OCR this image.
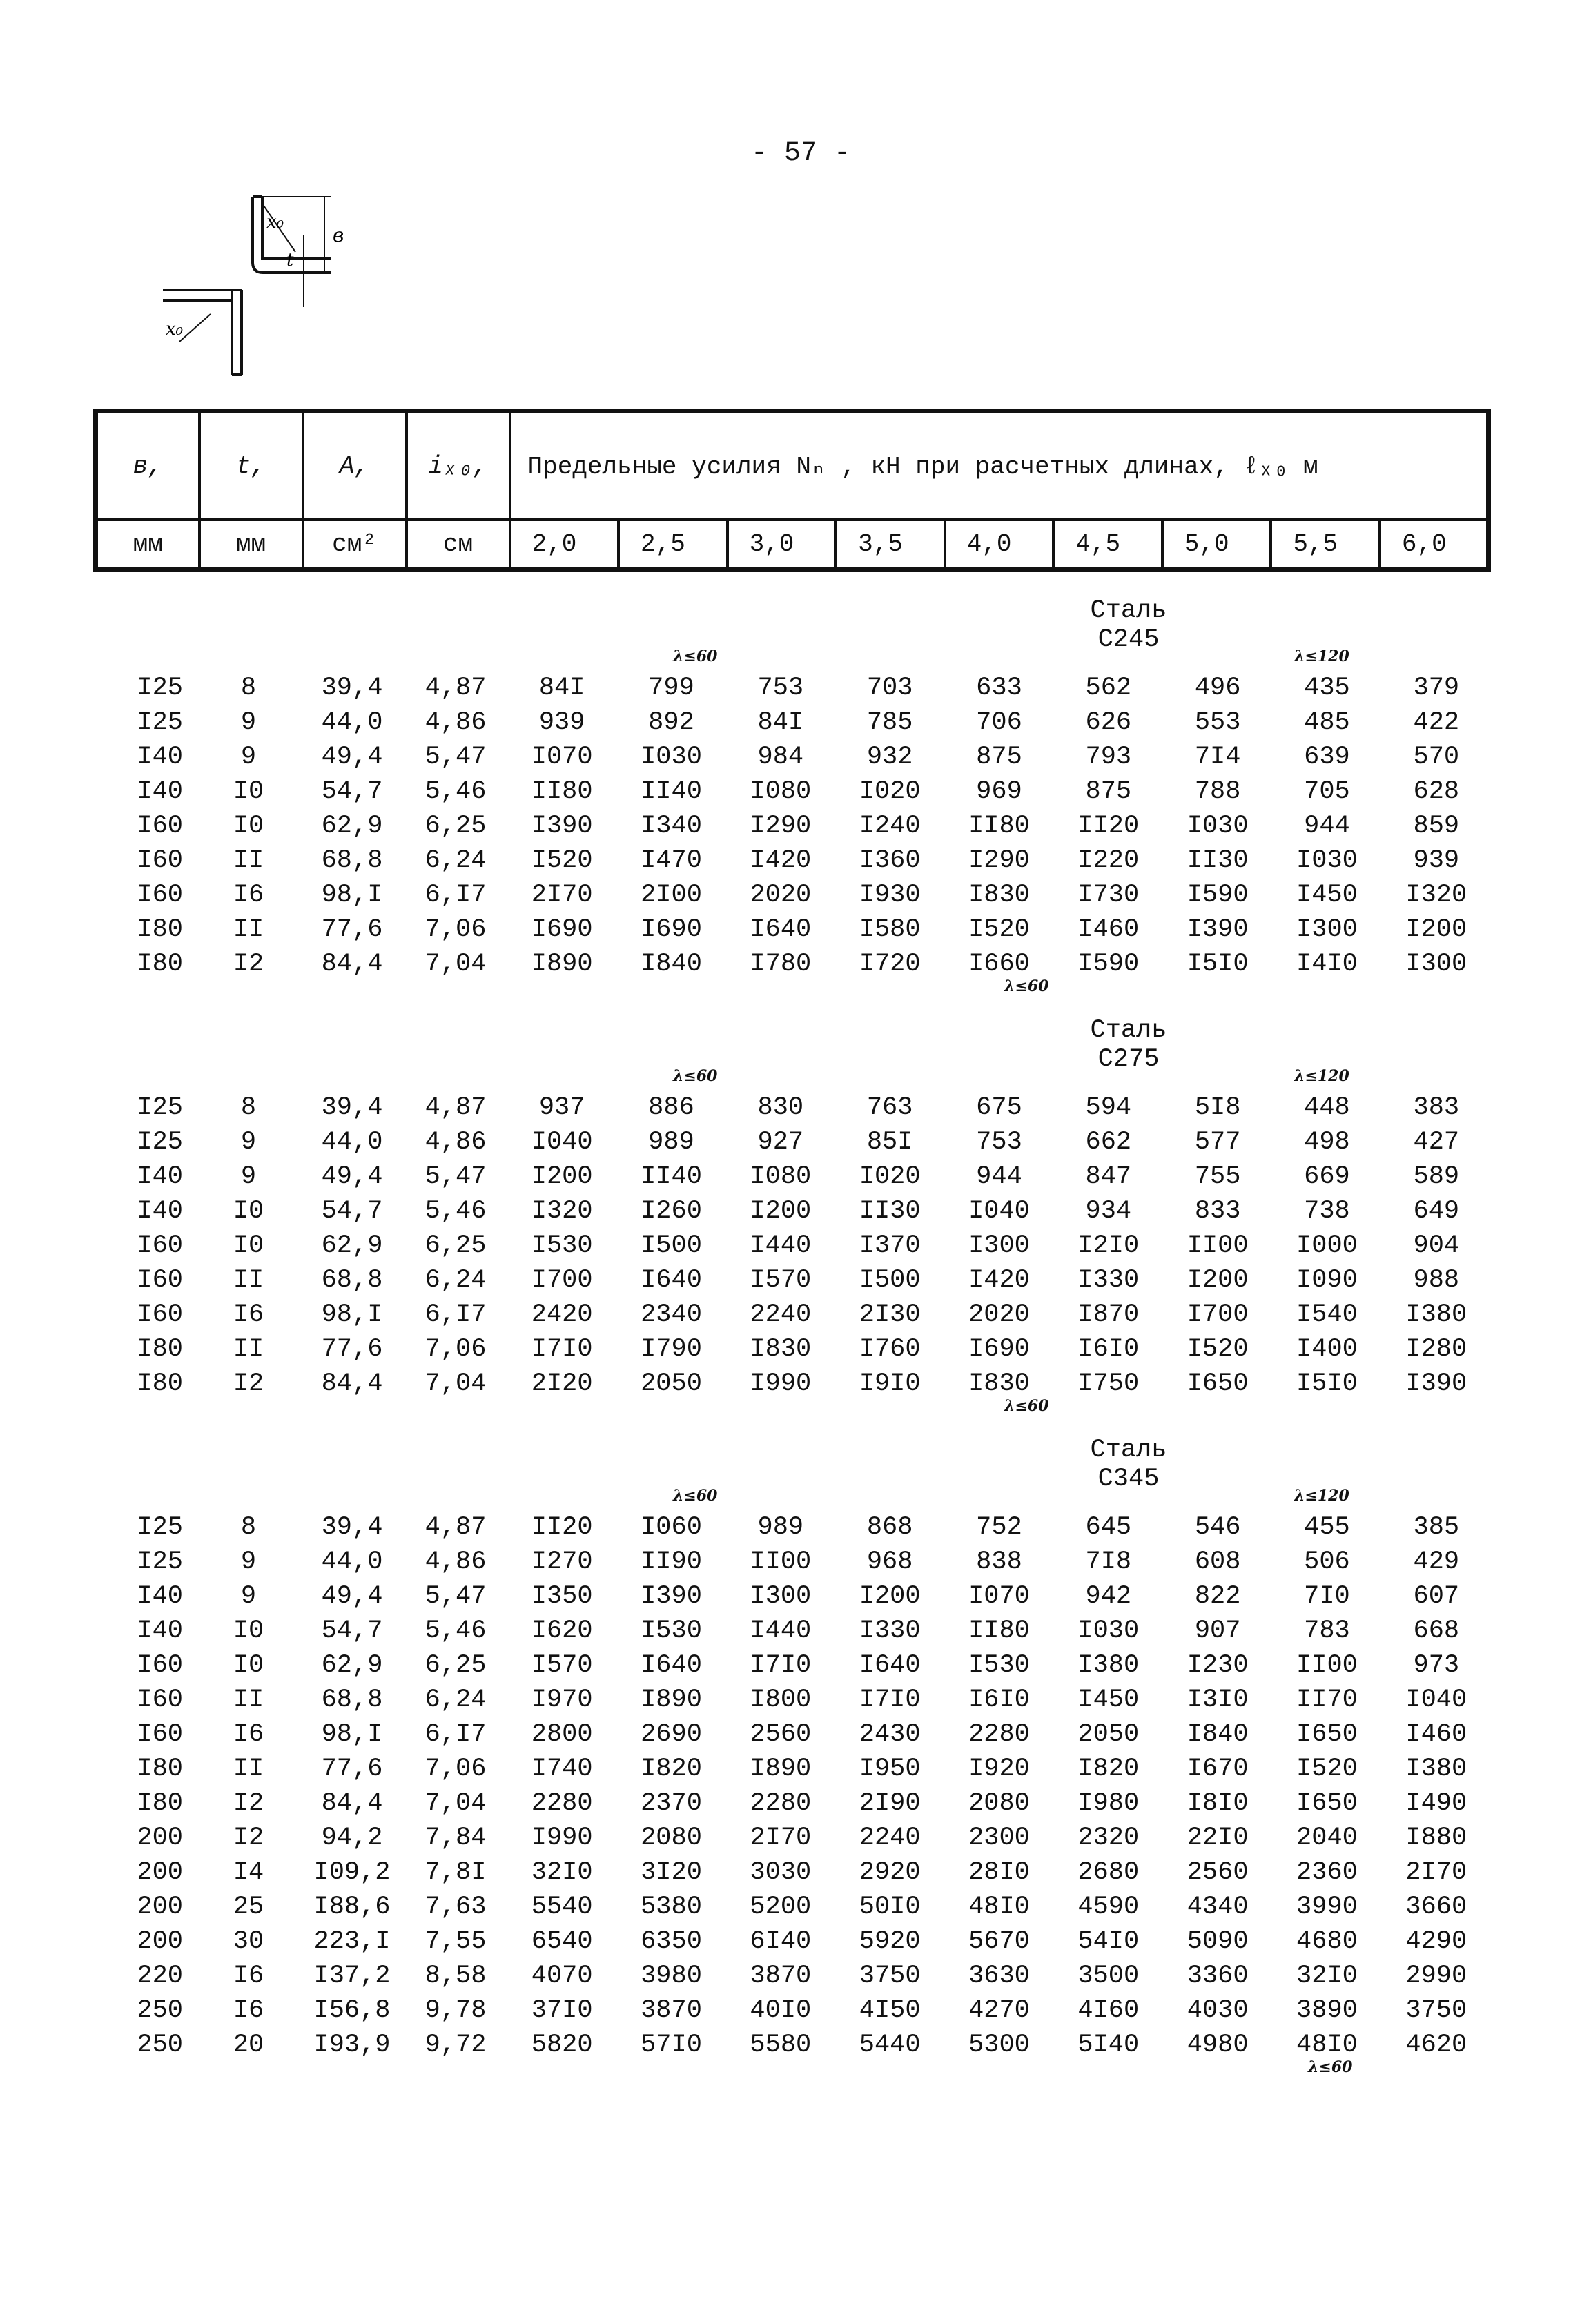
- 57 -
x₀
t
в
x₀
в,	t,	А,	iₓ₀,	Предельные усилия Nₙ , кН при расчетных длинах, ℓₓ₀ м								
мм	мм	см²	см	2,0	2,5	3,0	3,5	4,0	4,5	5,0	5,5	6,0
Сталь С245
λ≤60	λ≤120
I25	8	39,4	4,87	84I	799	753	703	633	562	496	435	379
I25	9	44,0	4,86	939	892	84I	785	706	626	553	485	422
I40	9	49,4	5,47	I070	I030	984	932	875	793	7I4	639	570
I40	I0	54,7	5,46	II80	II40	I080	I020	969	875	788	705	628
I60	I0	62,9	6,25	I390	I340	I290	I240	II80	II20	I030	944	859
I60	II	68,8	6,24	I520	I470	I420	I360	I290	I220	II30	I030	939
I60	I6	98,I	6,I7	2I70	2I00	2020	I930	I830	I730	I590	I450	I320
I80	II	77,6	7,06	I690	I690	I640	I580	I520	I460	I390	I300	I200
I80	I2	84,4	7,04	I890	I840	I780	I720	I660	I590	I5I0	I4I0	I300
λ≤60
Сталь С275
λ≤60	λ≤120
I25	8	39,4	4,87	937	886	830	763	675	594	5I8	448	383
I25	9	44,0	4,86	I040	989	927	85I	753	662	577	498	427
I40	9	49,4	5,47	I200	II40	I080	I020	944	847	755	669	589
I40	I0	54,7	5,46	I320	I260	I200	II30	I040	934	833	738	649
I60	I0	62,9	6,25	I530	I500	I440	I370	I300	I2I0	II00	I000	904
I60	II	68,8	6,24	I700	I640	I570	I500	I420	I330	I200	I090	988
I60	I6	98,I	6,I7	2420	2340	2240	2I30	2020	I870	I700	I540	I380
I80	II	77,6	7,06	I7I0	I790	I830	I760	I690	I6I0	I520	I400	I280
I80	I2	84,4	7,04	2I20	2050	I990	I9I0	I830	I750	I650	I5I0	I390
λ≤60
Сталь С345
λ≤60	λ≤120
I25	8	39,4	4,87	II20	I060	989	868	752	645	546	455	385
I25	9	44,0	4,86	I270	II90	II00	968	838	7I8	608	506	429
I40	9	49,4	5,47	I350	I390	I300	I200	I070	942	822	7I0	607
I40	I0	54,7	5,46	I620	I530	I440	I330	II80	I030	907	783	668
I60	I0	62,9	6,25	I570	I640	I7I0	I640	I530	I380	I230	II00	973
I60	II	68,8	6,24	I970	I890	I800	I7I0	I6I0	I450	I3I0	II70	I040
I60	I6	98,I	6,I7	2800	2690	2560	2430	2280	2050	I840	I650	I460
I80	II	77,6	7,06	I740	I820	I890	I950	I920	I820	I670	I520	I380
I80	I2	84,4	7,04	2280	2370	2280	2I90	2080	I980	I8I0	I650	I490
200	I2	94,2	7,84	I990	2080	2I70	2240	2300	2320	22I0	2040	I880
200	I4	I09,2	7,8I	32I0	3I20	3030	2920	28I0	2680	2560	2360	2I70
200	25	I88,6	7,63	5540	5380	5200	50I0	48I0	4590	4340	3990	3660
200	30	223,I	7,55	6540	6350	6I40	5920	5670	54I0	5090	4680	4290
220	I6	I37,2	8,58	4070	3980	3870	3750	3630	3500	3360	32I0	2990
250	I6	I56,8	9,78	37I0	3870	40I0	4I50	4270	4I60	4030	3890	3750
250	20	I93,9	9,72	5820	57I0	5580	5440	5300	5I40	4980	48I0	4620
λ≤60
